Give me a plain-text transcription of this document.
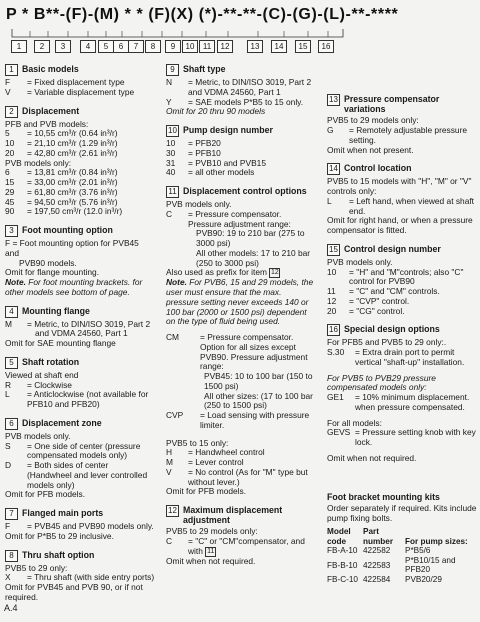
P * B**-(F)-(M) * * (F)(X) (*)-**-**-(C)-(G)-(L)-**-****
1	2	3	4	5	6	7	8	9	10	11	12	13	14	15	16
1 Basic models
F	= Fixed displacement type
V	= Variable displacement type
2 Displacement
PFB and PVB models:
5	= 10,55 cm³/r (0.64 in³/r)
10	= 21,10 cm³/r (1.29 in³/r)
20	= 42,80 cm³/r (2.61 in³/r)
PVB models only:
6	= 13,81 cm³/r (0.84 in³/r)
15	= 33,00 cm³/r (2.01 in³/r)
29	= 61,80 cm³/r (3.76 in³/r)
45	= 94,50 cm³/r (5.76 in³/r)
90	= 197,50 cm³/r (12.0 in³/r)
3 Foot mounting option
F = Foot mounting option for PVB45 and
PVB90 models.
Omit for flange mounting.
Note. For foot mounting brackets. for other models see bottom of page.
4 Mounting flange
M	= Metric, to DIN/ISO 3019, Part 2
and VDMA 24560, Part 1
Omit for SAE mounting flange
5 Shaft rotation
Viewed at shaft end
R	= Clockwise
L	= Anticlockwise (not available for PFB10 and PFB20)
6 Displacement zone
PVB models only.
S	= One side of center (pressure compensated models only)
D	= Both sides of center (Handwheel and lever controlled models only)
Omit for PFB models.
7 Flanged main ports
F	= PVB45 and PVB90 models only.
Omit for P*B5 to 29 inclusive.
8 Thru shaft option
PVB5 to 29 only:
X	= Thru shaft (with side entry ports)
Omit for PVB45 and PVB 90, or if not required.
9 Shaft type
N	= Metric, to DIN/ISO 3019, Part 2 and VDMA 24560, Part 1
Y	= SAE models P*B5 to 15 only.
Omit for 20 thru 90 models
10 Pump design number
10	= PFB20
30	= PFB10
31	= PVB10 and PVB15
40	= all other models
11 Displacement control options
PVB models only.
C	= Pressure compensator. Pressure adjustment range:
PVB90: 19 to 210 bar (275 to 3000 psi)
All other models: 17 to 210 bar (250 to 3000 psi)
Also used as prefix for item 12
Note. For PVB6, 15 and 29 models, the user must ensure that the max. pressure setting never exceeds 140 or 100 bar (2000 or 1500 psi) dependent on the type of fluid being used.
CM	= Pressure compensator. Option for all sizes except PVB90. Pressure adjustment range:
PVB45: 10 to 100 bar (150 to 1500 psi)
All other sizes: (17 to 100 bar (250 to 1500 psi)
CVP	= Load sensing with pressure limiter.
PVB5 to 15 only:
H	= Handwheel control
M	= Lever control
V	= No control (As for "M" type but without lever.)
Omit for PFB models.
12 Maximum displacement adjustment
PVB5 to 29 models only:
C	= "C" or "CM"compensator, and
with 11
Omit when not required.
13 Pressure compensator variations
PVB5 to 29 models only:
G	= Remotely adjustable pressure setting.
Omit when not present.
14 Control location
PVB5 to 15 models with "H", "M" or "V" controls only:
L	= Left hand, when viewed at shaft end.
Omit for right hand, or when a pressure compensator is fitted.
15 Control design number
PVB models only.
10	= "H" and "M"controls; also "C" control for PVB90
11	= "C" and "CM" controls.
12	= "CVP" control.
20	= "CG" control.
16 Special design options
For PFB5 and PVB5 to 29 only:.
S.30	= Extra drain port to permit vertical "shaft-up" installation.
For PVB5 to PVB29 pressure compensated models only:
GE1	= 10% minimum displacement. when pressure compensated.
For all models:
GEVS = Pressure setting knob with key lock.
Omit when not required.
Foot bracket mounting kits
Order separately if required. Kits include pump fixing bolts.
Model code	Part number	For pump sizes:
FB-A-10	422582	P*B5/6
FB-B-10	422583	P*B10/15 and PFB20
FB-C-10	422584	PVB20/29
A.4
